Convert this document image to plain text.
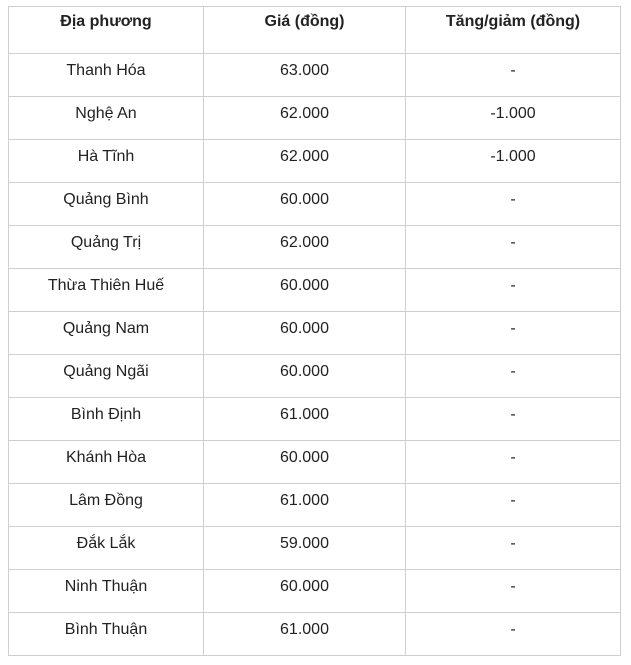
Địa phương	Giá (đồng)	Tăng/giảm (đồng)
Thanh Hóa	63.000	-
Nghệ An	62.000	-1.000
Hà Tĩnh	62.000	-1.000
Quảng Bình	60.000	-
Quảng Trị	62.000	-
Thừa Thiên Huế	60.000	-
Quảng Nam	60.000	-
Quảng Ngãi	60.000	-
Bình Định	61.000	-
Khánh Hòa	60.000	-
Lâm Đồng	61.000	-
Đắk Lắk	59.000	-
Ninh Thuận	60.000	-
Bình Thuận	61.000	-
